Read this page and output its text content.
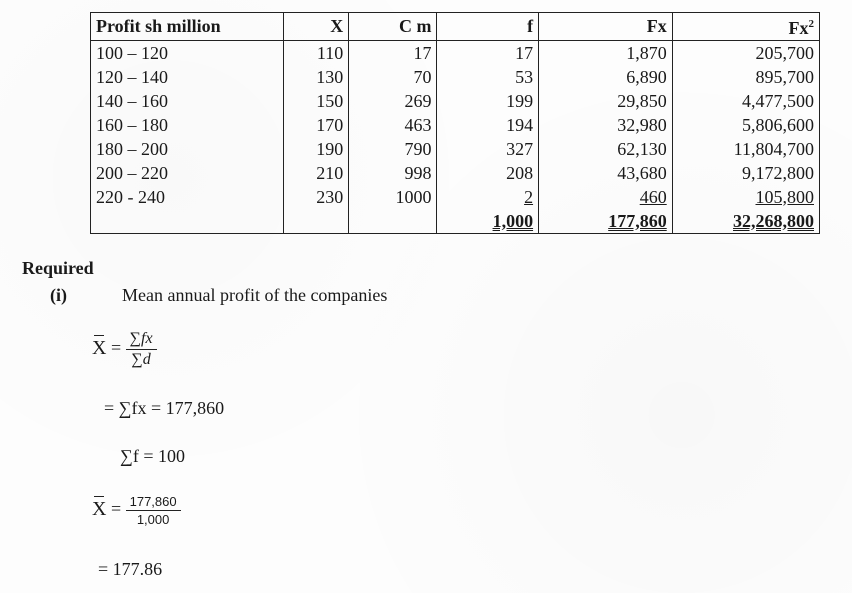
Profit sh million	X	C m	f	Fx	Fx$^2$
100 – 120	110	17	17	1,870	205,700
120 – 140	130	70	53	6,890	895,700
140 – 160	150	269	199	29,850	4,477,500
160 – 180	170	463	194	32,980	5,806,600
180 – 200	190	790	327	62,130	11,804,700
200 – 220	210	998	208	43,680	9,172,800
220 - 240	230	1000	2	460	105,800
			1,000	177,860	32,268,800
Required
(i)	Mean annual profit of the companies
$X = \frac{\sum fx}{\sum d}$
= ∑fx = 177,860
∑f = 100
$X = \frac{177,860}{1,000}$
= 177.86
